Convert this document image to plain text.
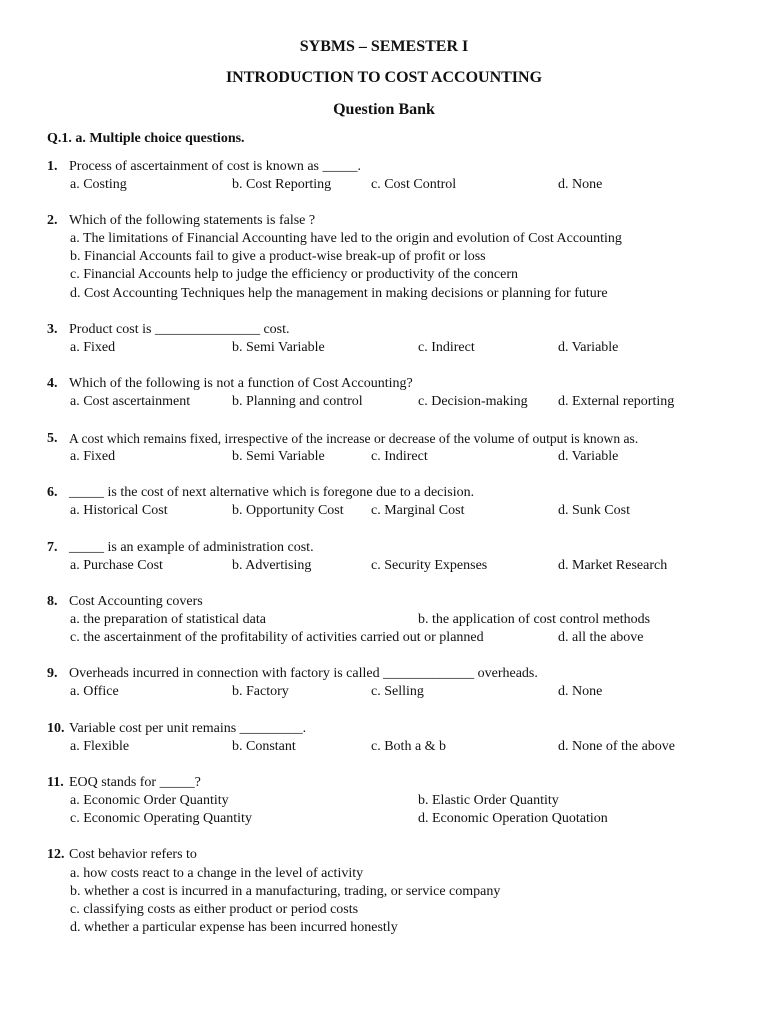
SYBMS – SEMESTER I
INTRODUCTION TO COST ACCOUNTING
Question Bank
Q.1. a. Multiple choice questions.
1. Process of ascertainment of cost is known as _____.
a. Costing	b. Cost Reporting	c. Cost Control	d. None
2. Which of the following statements is false ?
a. The limitations of Financial Accounting have led to the origin and evolution of Cost Accounting
b. Financial Accounts fail to give a product-wise break-up of profit or loss
c. Financial Accounts help to judge the efficiency or productivity of the concern
d. Cost Accounting Techniques help the management in making decisions or planning for future
3. Product cost is _______________ cost.
a. Fixed	b. Semi Variable	c. Indirect	d. Variable
4. Which of the following is not a function of Cost Accounting?
a. Cost ascertainment	b. Planning and control	c. Decision-making d. External reporting
5. A cost which remains fixed, irrespective of the increase or decrease of the volume of output is known as.
a. Fixed	b. Semi Variable	c. Indirect	d. Variable
6. _____ is the cost of next alternative which is foregone due to a decision.
a. Historical Cost	b. Opportunity Cost c. Marginal Cost	d. Sunk Cost
7. _____ is an example of administration cost.
a. Purchase Cost	b. Advertising	c. Security Expenses	d. Market Research
8. Cost Accounting covers
a. the preparation of statistical data	b. the application of cost control methods
c. the ascertainment of the profitability of activities carried out or planned	d. all the above
9. Overheads incurred in connection with factory is called _____________ overheads.
a. Office	b. Factory	c. Selling	d. None
10. Variable cost per unit remains _________.
a. Flexible	b. Constant	c. Both a & b	d. None of the above
11. EOQ stands for _____?
a. Economic Order Quantity	b. Elastic Order Quantity
c. Economic Operating Quantity	d. Economic Operation Quotation
12. Cost behavior refers to
a. how costs react to a change in the level of activity
b. whether a cost is incurred in a manufacturing, trading, or service company
c. classifying costs as either product or period costs
d. whether a particular expense has been incurred honestly
